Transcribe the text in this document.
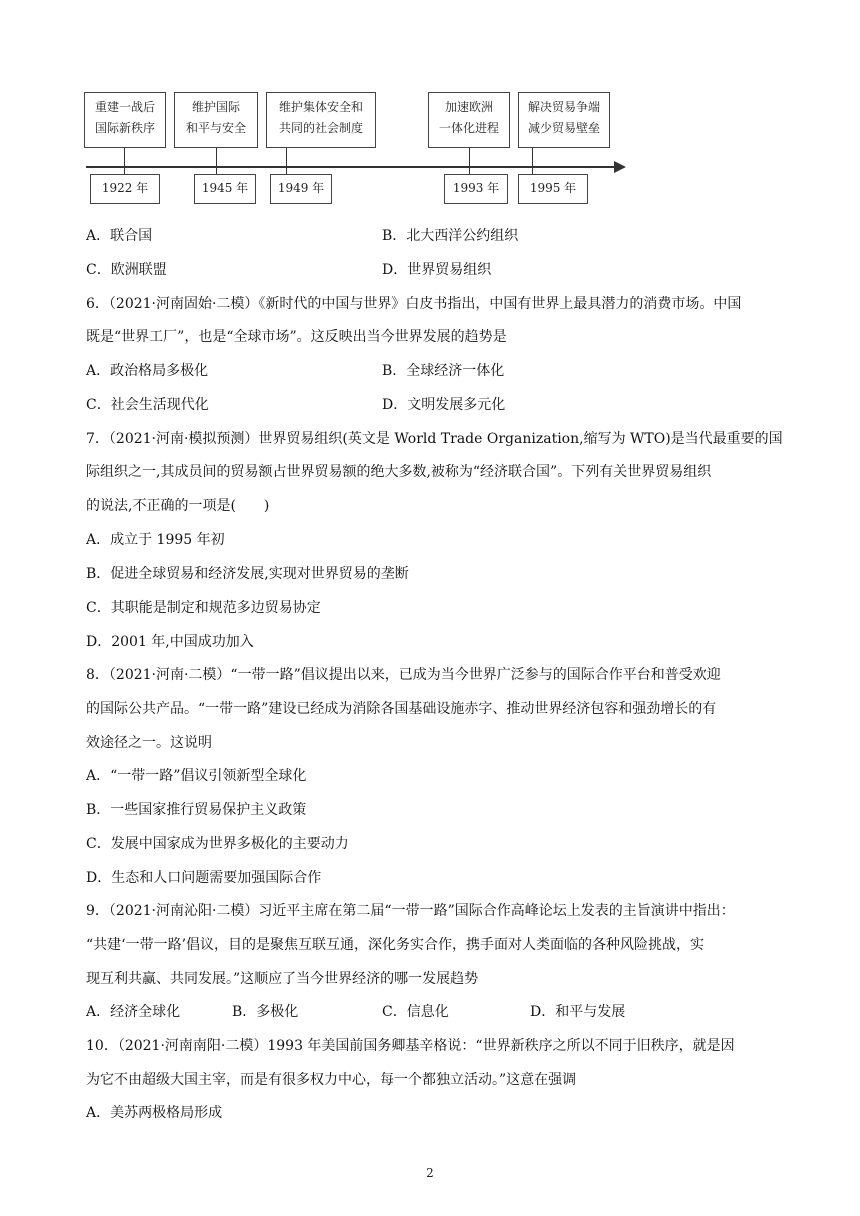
重建一战后
国际新秩序
维护国际
和平与安全
维护集体安全和
共同的社会制度
加速欧洲
一体化进程
解决贸易争端
减少贸易壁垒
1922 年	1945 年	1949 年	1993 年	1995 年
A．联合国	B．北大西洋公约组织
C．欧洲联盟	D．世界贸易组织
6．（2021·河南固始·二模）《新时代的中国与世界》白皮书指出，中国有世界上最具潜力的消费市场。中国
既是“世界工厂”，也是“全球市场”。这反映出当今世界发展的趋势是
A．政治格局多极化	B．全球经济一体化
C．社会生活现代化	D．文明发展多元化
7．（2021·河南·模拟预测）世界贸易组织(英文是 World Trade Organization,缩写为 WTO)是当代最重要的国
际组织之一,其成员间的贸易额占世界贸易额的绝大多数,被称为“经济联合国”。下列有关世界贸易组织
的说法,不正确的一项是(　　)
A．成立于 1995 年初
B．促进全球贸易和经济发展,实现对世界贸易的垄断
C．其职能是制定和规范多边贸易协定
D．2001 年,中国成功加入
8．（2021·河南·二模）“一带一路”倡议提出以来，已成为当今世界广泛参与的国际合作平台和普受欢迎
的国际公共产品。“一带一路”建设已经成为消除各国基础设施赤字、推动世界经济包容和强劲增长的有
效途径之一。这说明
A．“一带一路”倡议引领新型全球化
B．一些国家推行贸易保护主义政策
C．发展中国家成为世界多极化的主要动力
D．生态和人口问题需要加强国际合作
9．（2021·河南沁阳·二模）习近平主席在第二届“一带一路”国际合作高峰论坛上发表的主旨演讲中指出：
“共建‘一带一路’倡议，目的是聚焦互联互通，深化务实合作，携手面对人类面临的各种风险挑战，实
现互利共赢、共同发展。”这顺应了当今世界经济的哪一发展趋势
A．经济全球化	B．多极化	C．信息化	D．和平与发展
10．（2021·河南南阳·二模）1993 年美国前国务卿基辛格说：“世界新秩序之所以不同于旧秩序，就是因
为它不由超级大国主宰，而是有很多权力中心，每一个都独立活动。”这意在强调
A．美苏两极格局形成
2
